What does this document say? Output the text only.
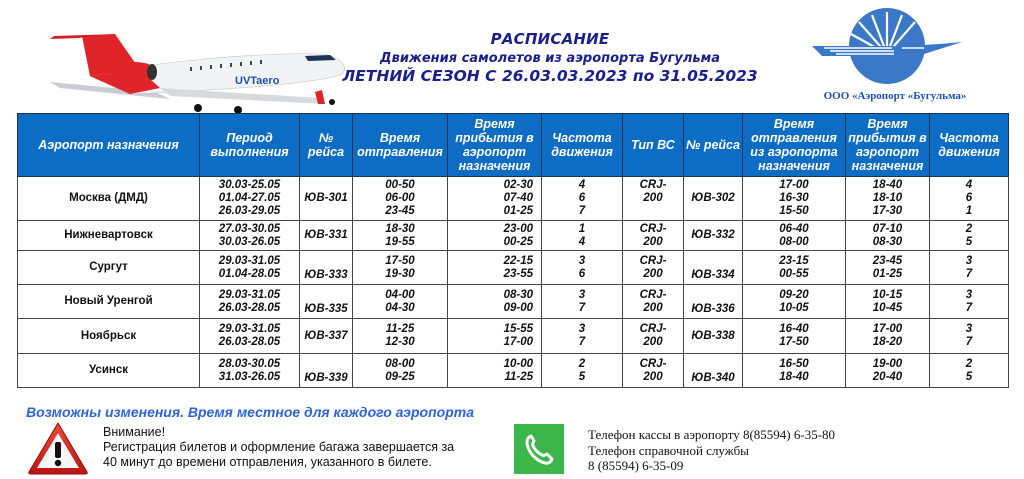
UVTaero
РАСПИСАНИЕ
Движения самолетов из аэропорта Бугульма
ЛЕТНИЙ СЕЗОН С 26.03.03.2023 по 31.05.2023
ООО «Аэропорт «Бугульма»
Аэропорт назначения	Период выполнения	№ рейса	Время отправления	Время прибытия в аэропорт назначения	Частота движения	Тип ВС	№ рейса	Время отправления из аэропорта назначения	Время прибытия в аэропорт назначения	Частота движения
Москва (ДМД)	30.03-25.05
01.04-27.05
26.03-29.05	ЮВ-301	00-50
06-00
23-45	02-30
07-40
01-25	4
6
7	CRJ-
200	ЮВ-302	17-00
16-30
15-50	18-40
18-10
17-30	4
6
1

Нижневартовск	27.03-30.05
30.03-26.05	ЮВ-331	18-30
19-55	23-00
00-25	1
4	CRJ-
200	ЮВ-332	06-40
08-00	07-10
08-30	2
5

Сургут	29.03-31.05
01.04-28.05	ЮВ-333	17-50
19-30	22-15
23-55	3
6	CRJ-
200	ЮВ-334	23-15
00-55	23-45
01-25	3
7

Новый Уренгой	29.03-31.05
26.03-28.05	ЮВ-335	04-00
04-30	08-30
09-00	3
7	CRJ-
200	ЮВ-336	09-20
10-05	10-15
10-45	3
7

Ноябрьск	29.03-31.05
26.03-28.05	ЮВ-337	11-25
12-30	15-55
17-00	3
7	CRJ-
200	ЮВ-338	16-40
17-50	17-00
18-20	3
7

Усинск	28.03-30.05
31.03-26.05	ЮВ-339	08-00
09-25	10-00
11-25	2
5	CRJ-
200	ЮВ-340	16-50
18-40	19-00
20-40	2
5
Возможны изменения. Время местное для каждого аэропорта
Внимание!
Регистрация билетов и оформление багажа завершается за
40 минут до времени отправления, указанного в билете.
Телефон кассы в аэропорту 8(85594) 6-35-80
Телефон справочной службы
8 (85594) 6-35-09
